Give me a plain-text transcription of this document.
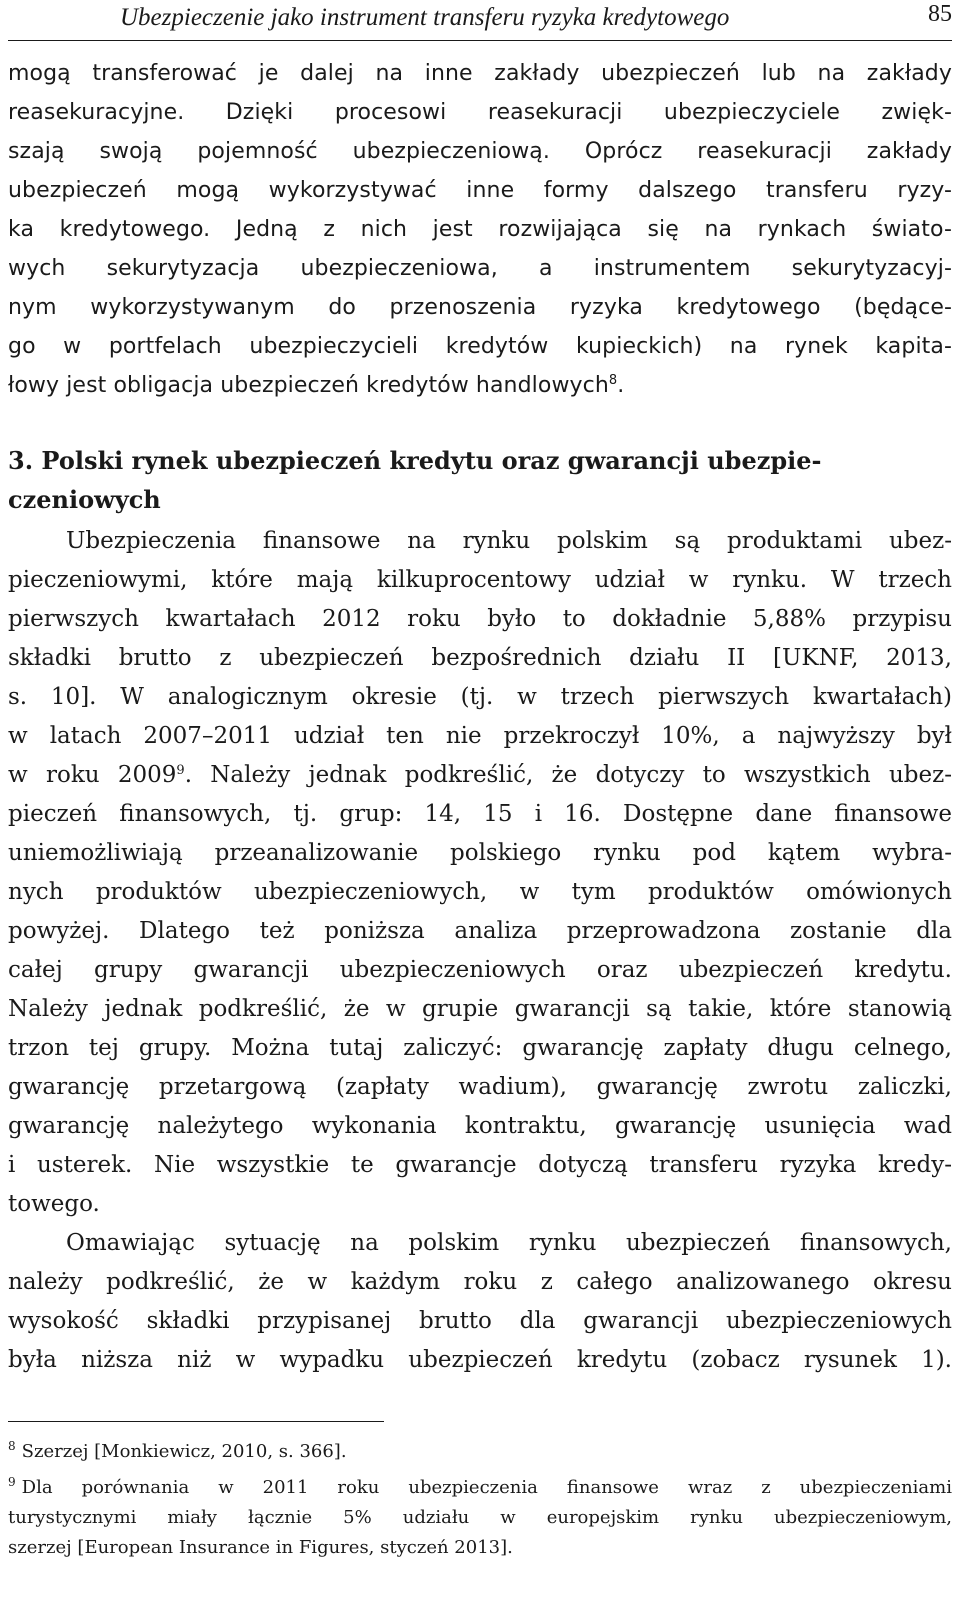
Ubezpieczenie jako instrument transferu ryzyka kredytowego	85
mogą transferować je dalej na inne zakłady ubezpieczeń lub na zakłady
reasekuracyjne. Dzięki procesowi reasekuracji ubezpieczyciele zwięk-
szają swoją pojemność ubezpieczeniową. Oprócz reasekuracji zakłady
ubezpieczeń mogą wykorzystywać inne formy dalszego transferu ryzy-
ka kredytowego. Jedną z nich jest rozwijająca się na rynkach świato-
wych sekurytyzacja ubezpieczeniowa, a instrumentem sekurytyzacyj-
nym wykorzystywanym do przenoszenia ryzyka kredytowego (będące-
go w portfelach ubezpieczycieli kredytów kupieckich) na rynek kapita-
łowy jest obligacja ubezpieczeń kredytów handlowych$^8$.
3. Polski rynek ubezpieczeń kredytu oraz gwarancji ubezpie-
czeniowych
Ubezpieczenia finansowe na rynku polskim są produktami ubez-
pieczeniowymi, które mają kilkuprocentowy udział w rynku. W trzech
pierwszych kwartałach 2012 roku było to dokładnie 5,88% przypisu
składki brutto z ubezpieczeń bezpośrednich działu II [UKNF, 2013,
s. 10]. W analogicznym okresie (tj. w trzech pierwszych kwartałach)
w latach 2007–2011 udział ten nie przekroczył 10%, a najwyższy był
w roku 2009$^9$. Należy jednak podkreślić, że dotyczy to wszystkich ubez-
pieczeń finansowych, tj. grup: 14, 15 i 16. Dostępne dane finansowe
uniemożliwiają przeanalizowanie polskiego rynku pod kątem wybra-
nych produktów ubezpieczeniowych, w tym produktów omówionych
powyżej. Dlatego też poniższa analiza przeprowadzona zostanie dla
całej grupy gwarancji ubezpieczeniowych oraz ubezpieczeń kredytu.
Należy jednak podkreślić, że w grupie gwarancji są takie, które stanowią
trzon tej grupy. Można tutaj zaliczyć: gwarancję zapłaty długu celnego,
gwarancję przetargową (zapłaty wadium), gwarancję zwrotu zaliczki,
gwarancję należytego wykonania kontraktu, gwarancję usunięcia wad
i usterek. Nie wszystkie te gwarancje dotyczą transferu ryzyka kredy-
towego.
Omawiając sytuację na polskim rynku ubezpieczeń finansowych,
należy podkreślić, że w każdym roku z całego analizowanego okresu
wysokość składki przypisanej brutto dla gwarancji ubezpieczeniowych
była niższa niż w wypadku ubezpieczeń kredytu (zobacz rysunek 1).
$^8$ Szerzej [Monkiewicz, 2010, s. 366].
$^9$ Dla porównania w 2011 roku ubezpieczenia finansowe wraz z ubezpieczeniami
turystycznymi miały łącznie 5% udziału w europejskim rynku ubezpieczeniowym,
szerzej [European Insurance in Figures, styczeń 2013].
